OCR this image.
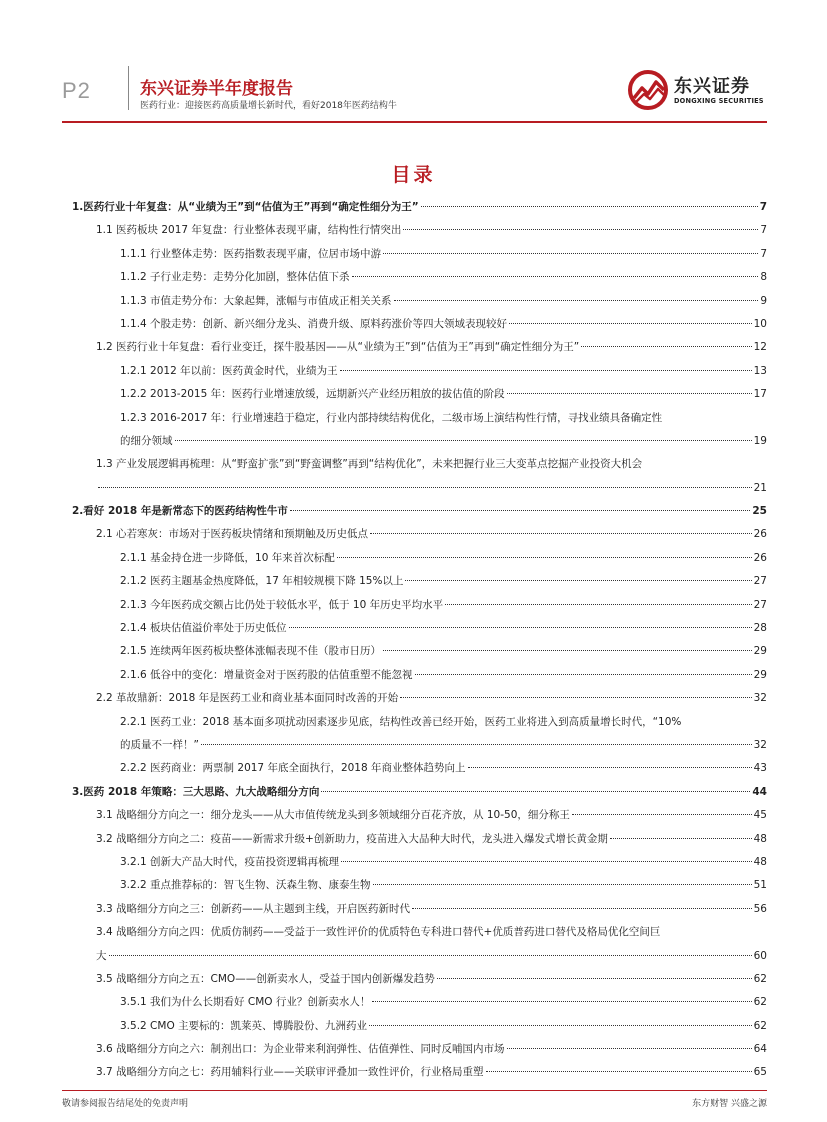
P2	东兴证券半年度报告
医药行业：迎接医药高质量增长新时代，看好2018年医药结构牛
东兴证券
DONGXING SECURITIES
目录
1.医药行业十年复盘：从“业绩为王”到“估值为王”再到“确定性细分为王”	7
1.1 医药板块 2017 年复盘：行业整体表现平庸，结构性行情突出	7
1.1.1 行业整体走势：医药指数表现平庸，位居市场中游	7
1.1.2 子行业走势：走势分化加剧，整体估值下杀	8
1.1.3 市值走势分布：大象起舞，涨幅与市值成正相关关系	9
1.1.4 个股走势：创新、新兴细分龙头、消费升级、原料药涨价等四大领域表现较好	10
1.2 医药行业十年复盘：看行业变迁，探牛股基因——从“业绩为王”到“估值为王”再到“确定性细分为王”	12
1.2.1 2012 年以前：医药黄金时代，业绩为王	13
1.2.2 2013-2015 年：医药行业增速放缓，远期新兴产业经历粗放的拔估值的阶段	17
1.2.3 2016-2017 年：行业增速趋于稳定，行业内部持续结构优化，二级市场上演结构性行情，寻找业绩具备确定性
的细分领域	19
1.3 产业发展逻辑再梳理：从“野蛮扩张”到“野蛮调整”再到“结构优化”，未来把握行业三大变革点挖掘产业投资大机会
21
2.看好 2018 年是新常态下的医药结构性牛市	25
2.1 心若寒灰：市场对于医药板块情绪和预期触及历史低点	26
2.1.1 基金持仓进一步降低，10 年来首次标配	26
2.1.2 医药主题基金热度降低，17 年相较规模下降 15%以上	27
2.1.3 今年医药成交额占比仍处于较低水平，低于 10 年历史平均水平	27
2.1.4 板块估值溢价率处于历史低位	28
2.1.5 连续两年医药板块整体涨幅表现不佳（股市日历）	29
2.1.6 低谷中的变化：增量资金对于医药股的估值重塑不能忽视	29
2.2 革故鼎新：2018 年是医药工业和商业基本面同时改善的开始	32
2.2.1 医药工业：2018 基本面多项扰动因素逐步见底，结构性改善已经开始，医药工业将进入到高质量增长时代，“10%
的质量不一样！”	32
2.2.2 医药商业：两票制 2017 年底全面执行，2018 年商业整体趋势向上	43
3.医药 2018 年策略：三大思路、九大战略细分方向	44
3.1 战略细分方向之一：细分龙头——从大市值传统龙头到多领域细分百花齐放，从 10-50，细分称王	45
3.2 战略细分方向之二：疫苗——新需求升级+创新助力，疫苗进入大品种大时代，龙头进入爆发式增长黄金期	48
3.2.1 创新大产品大时代，疫苗投资逻辑再梳理	48
3.2.2 重点推荐标的：智飞生物、沃森生物、康泰生物	51
3.3 战略细分方向之三：创新药——从主题到主线，开启医药新时代	56
3.4 战略细分方向之四：优质仿制药——受益于一致性评价的优质特色专科进口替代+优质普药进口替代及格局优化空间巨
大	60
3.5 战略细分方向之五：CMO——创新卖水人，受益于国内创新爆发趋势	62
3.5.1 我们为什么长期看好 CMO 行业？创新卖水人！	62
3.5.2 CMO 主要标的：凯莱英、博腾股份、九洲药业	62
3.6 战略细分方向之六：制剂出口：为企业带来利润弹性、估值弹性、同时反哺国内市场	64
3.7 战略细分方向之七：药用辅料行业——关联审评叠加一致性评价，行业格局重塑	65
敬请参阅报告结尾处的免责声明	东方财智 兴盛之源
